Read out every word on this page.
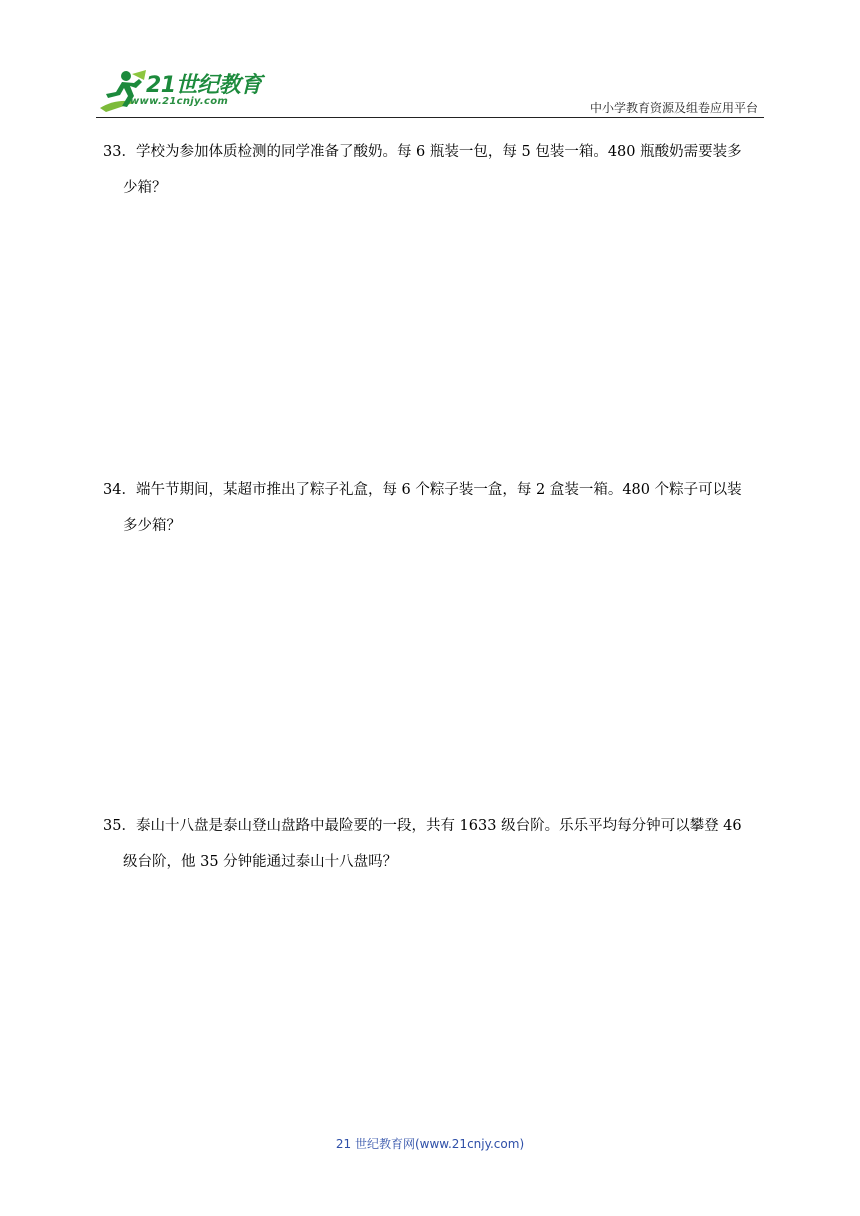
21世纪教育
www.21cnjy.com	中小学教育资源及组卷应用平台
33．学校为参加体质检测的同学准备了酸奶。每 6 瓶装一包，每 5 包装一箱。480 瓶酸奶需要装多
少箱？
34．端午节期间，某超市推出了粽子礼盒，每 6 个粽子装一盒，每 2 盒装一箱。480 个粽子可以装
多少箱？
35．泰山十八盘是泰山登山盘路中最险要的一段，共有 1633 级台阶。乐乐平均每分钟可以攀登 46
级台阶，他 35 分钟能通过泰山十八盘吗？
21 世纪教育网(www.21cnjy.com)
